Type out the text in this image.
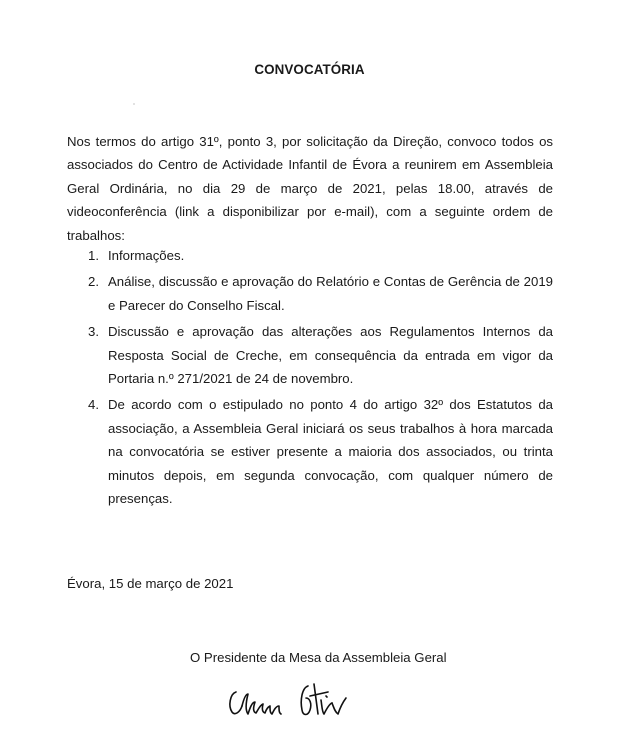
CONVOCATÓRIA

Nos termos do artigo 31º, ponto 3, por solicitação da Direção, convoco todos os associados do Centro de Actividade Infantil de Évora a reunirem em Assembleia Geral Ordinária, no dia 29 de março de 2021, pelas 18.00, através de videoconferência (link a disponibilizar por e-mail), com a seguinte ordem de trabalhos:

1. Informações.
2. Análise, discussão e aprovação do Relatório e Contas de Gerência de 2019 e Parecer do Conselho Fiscal.
3. Discussão e aprovação das alterações aos Regulamentos Internos da Resposta Social de Creche, em consequência da entrada em vigor da Portaria n.º 271/2021 de 24 de novembro.
4. De acordo com o estipulado no ponto 4 do artigo 32º dos Estatutos da associação, a Assembleia Geral iniciará os seus trabalhos à hora marcada na convocatória se estiver presente a maioria dos associados, ou trinta minutos depois, em segunda convocação, com qualquer número de presenças.
Évora, 15 de março de 2021
O Presidente da Mesa da Assembleia Geral
